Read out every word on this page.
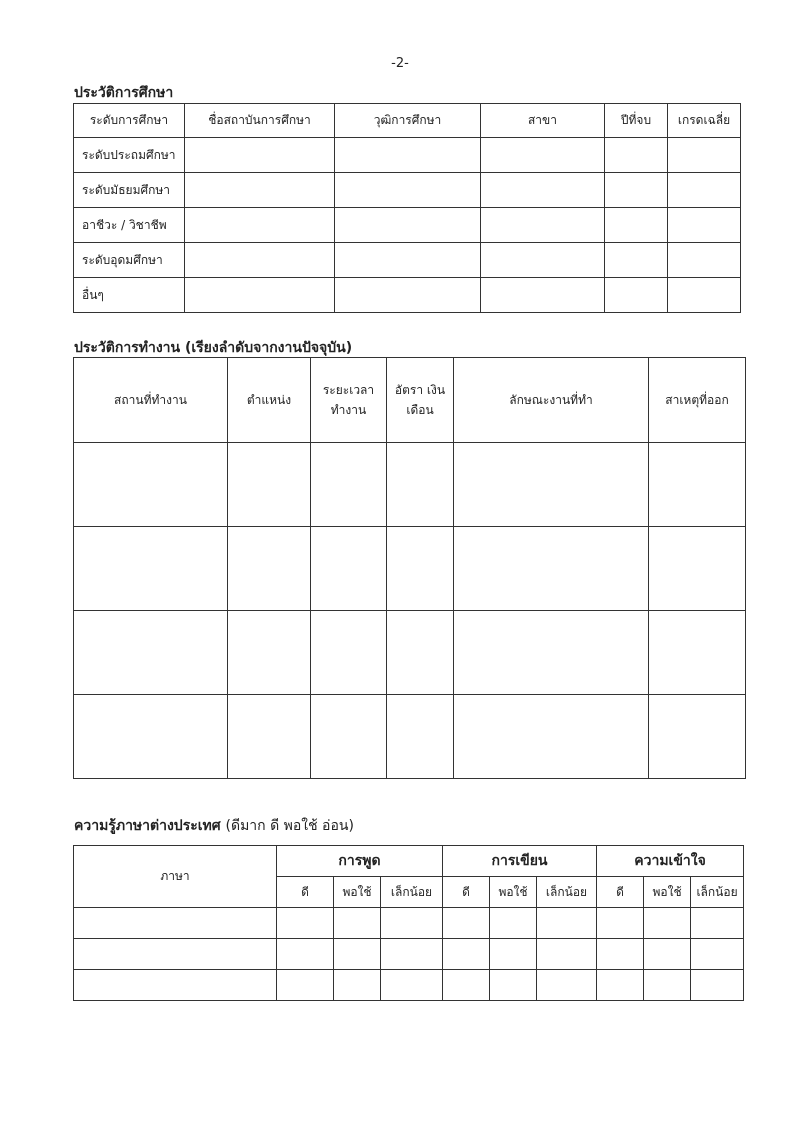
-2-
ประวัติการศึกษา
ระดับการศึกษา	ชื่อสถาบันการศึกษา	วุฒิการศึกษา	สาขา	ปีที่จบ	เกรดเฉลี่ย
ระดับประถมศึกษา					
ระดับมัธยมศึกษา					
อาชีวะ / วิชาชีพ					
ระดับอุดมศึกษา					
อื่นๆ					
ประวัติการทำงาน (เรียงลำดับจากงานปัจจุบัน)
สถานที่ทำงาน	ตำแหน่ง	ระยะเวลา ทำงาน	อัตรา เงินเดือน	ลักษณะงานที่ทำ	สาเหตุที่ออก

ความรู้ภาษาต่างประเทศ (ดีมาก ดี พอใช้ อ่อน)
ภาษา	การพูด			การเขียน			ความเข้าใจ		
	ดี	พอใช้	เล็กน้อย	ดี	พอใช้	เล็กน้อย	ดี	พอใช้	เล็กน้อย
